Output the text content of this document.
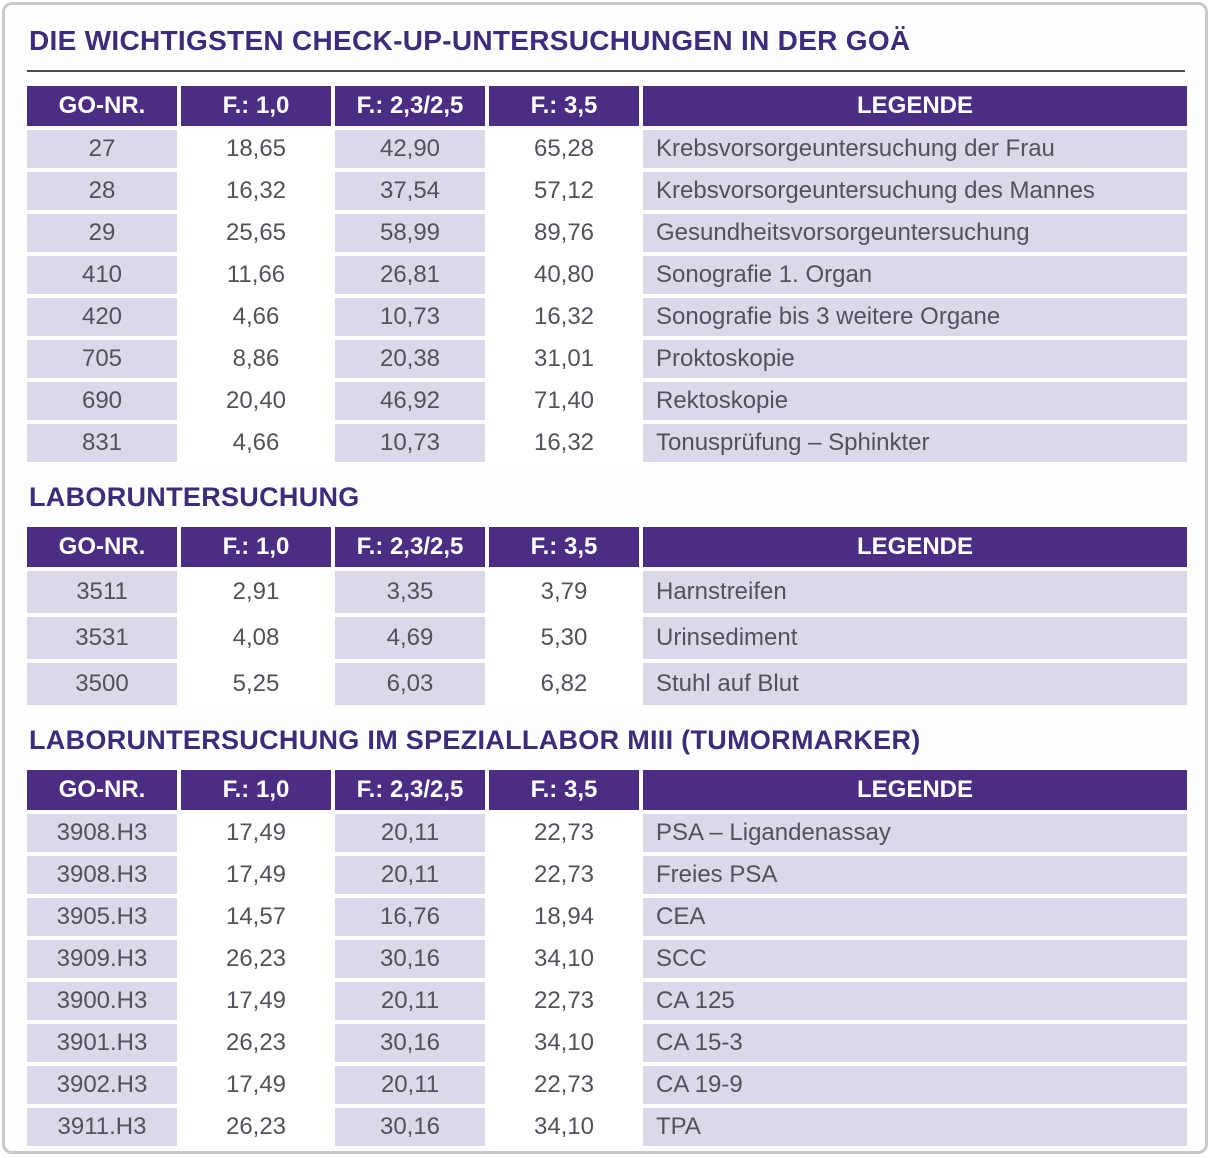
DIE WICHTIGSTEN CHECK-UP-UNTERSUCHUNGEN IN DER GOÄ
GO-NR.	F.: 1,0	F.: 2,3/2,5	F.: 3,5	LEGENDE
27	18,65	42,90	65,28	Krebsvorsorgeuntersuchung der Frau
28	16,32	37,54	57,12	Krebsvorsorgeuntersuchung des Mannes
29	25,65	58,99	89,76	Gesundheitsvorsorgeuntersuchung
410	11,66	26,81	40,80	Sonografie 1. Organ
420	4,66	10,73	16,32	Sonografie bis 3 weitere Organe
705	8,86	20,38	31,01	Proktoskopie
690	20,40	46,92	71,40	Rektoskopie
831	4,66	10,73	16,32	Tonusprüfung – Sphinkter
LABORUNTERSUCHUNG
GO-NR.	F.: 1,0	F.: 2,3/2,5	F.: 3,5	LEGENDE
3511	2,91	3,35	3,79	Harnstreifen
3531	4,08	4,69	5,30	Urinsediment
3500	5,25	6,03	6,82	Stuhl auf Blut
LABORUNTERSUCHUNG IM SPEZIALLABOR MIII (TUMORMARKER)
GO-NR.	F.: 1,0	F.: 2,3/2,5	F.: 3,5	LEGENDE
3908.H3	17,49	20,11	22,73	PSA – Ligandenassay
3908.H3	17,49	20,11	22,73	Freies PSA
3905.H3	14,57	16,76	18,94	CEA
3909.H3	26,23	30,16	34,10	SCC
3900.H3	17,49	20,11	22,73	CA 125
3901.H3	26,23	30,16	34,10	CA 15-3
3902.H3	17,49	20,11	22,73	CA 19-9
3911.H3	26,23	30,16	34,10	TPA
